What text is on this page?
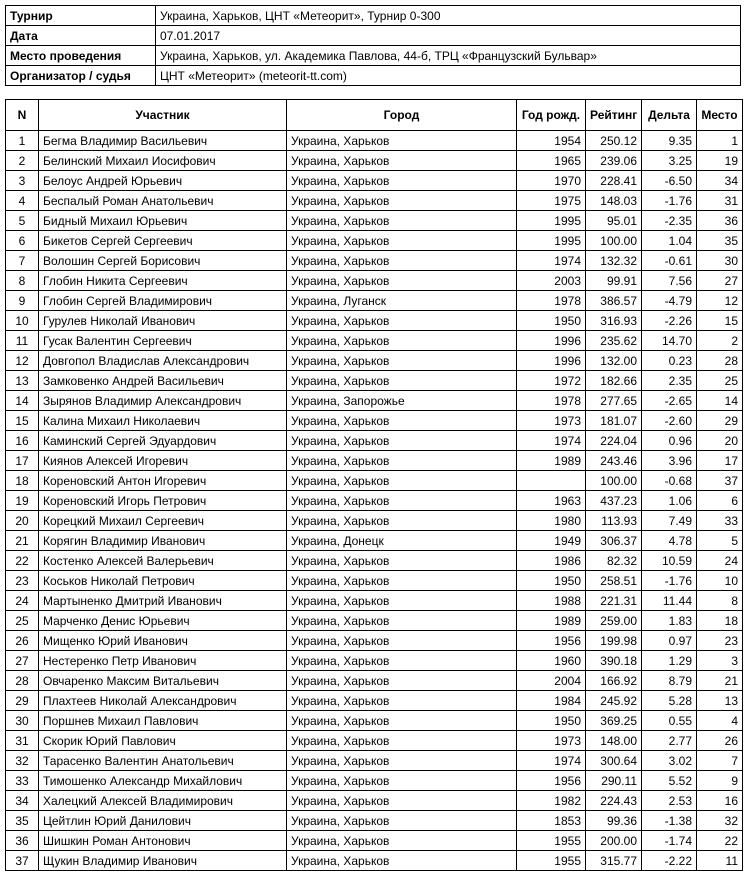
Турнир	Украина, Харьков, ЦНТ «Метеорит», Турнир 0-300
Дата	07.01.2017
Место проведения	Украина, Харьков, ул. Академика Павлова, 44-б, ТРЦ «Французский Бульвар»
Организатор / судья	ЦНТ «Метеорит» (meteorit-tt.com)
N	Участник	Город	Год рожд.	Рейтинг	Дельта	Место
1	Бегма Владимир Васильевич	Украина, Харьков	1954	250.12	9.35	1
2	Белинский Михаил Иосифович	Украина, Харьков	1965	239.06	3.25	19
3	Белоус Андрей Юрьевич	Украина, Харьков	1970	228.41	-6.50	34
4	Беспалый Роман Анатольевич	Украина, Харьков	1975	148.03	-1.76	31
5	Бидный Михаил Юрьевич	Украина, Харьков	1995	95.01	-2.35	36
6	Бикетов Сергей Сергеевич	Украина, Харьков	1995	100.00	1.04	35
7	Волошин Сергей Борисович	Украина, Харьков	1974	132.32	-0.61	30
8	Глобин Никита Сергеевич	Украина, Харьков	2003	99.91	7.56	27
9	Глобин Сергей Владимирович	Украина, Луганск	1978	386.57	-4.79	12
10	Гурулев Николай Иванович	Украина, Харьков	1950	316.93	-2.26	15
11	Гусак Валентин Сергеевич	Украина, Харьков	1996	235.62	14.70	2
12	Довгопол Владислав Александрович	Украина, Харьков	1996	132.00	0.23	28
13	Замковенко Андрей Васильевич	Украина, Харьков	1972	182.66	2.35	25
14	Зырянов Владимир Александрович	Украина, Запорожье	1978	277.65	-2.65	14
15	Калина Михаил Николаевич	Украина, Харьков	1973	181.07	-2.60	29
16	Каминский Сергей Эдуардович	Украина, Харьков	1974	224.04	0.96	20
17	Киянов Алексей Игоревич	Украина, Харьков	1989	243.46	3.96	17
18	Кореновский Антон Игоревич	Украина, Харьков		100.00	-0.68	37
19	Кореновский Игорь Петрович	Украина, Харьков	1963	437.23	1.06	6
20	Корецкий Михаил Сергеевич	Украина, Харьков	1980	113.93	7.49	33
21	Корягин Владимир Иванович	Украина, Донецк	1949	306.37	4.78	5
22	Костенко Алексей Валерьевич	Украина, Харьков	1986	82.32	10.59	24
23	Коськов Николай Петрович	Украина, Харьков	1950	258.51	-1.76	10
24	Мартыненко Дмитрий Иванович	Украина, Харьков	1988	221.31	11.44	8
25	Марченко Денис Юрьевич	Украина, Харьков	1989	259.00	1.83	18
26	Мищенко Юрий Иванович	Украина, Харьков	1956	199.98	0.97	23
27	Нестеренко Петр Иванович	Украина, Харьков	1960	390.18	1.29	3
28	Овчаренко Максим Витальевич	Украина, Харьков	2004	166.92	8.79	21
29	Плахтеев Николай Александрович	Украина, Харьков	1984	245.92	5.28	13
30	Поршнев Михаил Павлович	Украина, Харьков	1950	369.25	0.55	4
31	Скорик Юрий Павлович	Украина, Харьков	1973	148.00	2.77	26
32	Тарасенко Валентин Анатольевич	Украина, Харьков	1974	300.64	3.02	7
33	Тимошенко Александр Михайлович	Украина, Харьков	1956	290.11	5.52	9
34	Халецкий Алексей Владимирович	Украина, Харьков	1982	224.43	2.53	16
35	Цейтлин Юрий Данилович	Украина, Харьков	1853	99.36	-1.38	32
36	Шишкин Роман Антонович	Украина, Харьков	1955	200.00	-1.74	22
37	Щукин Владимир Иванович	Украина, Харьков	1955	315.77	-2.22	11
